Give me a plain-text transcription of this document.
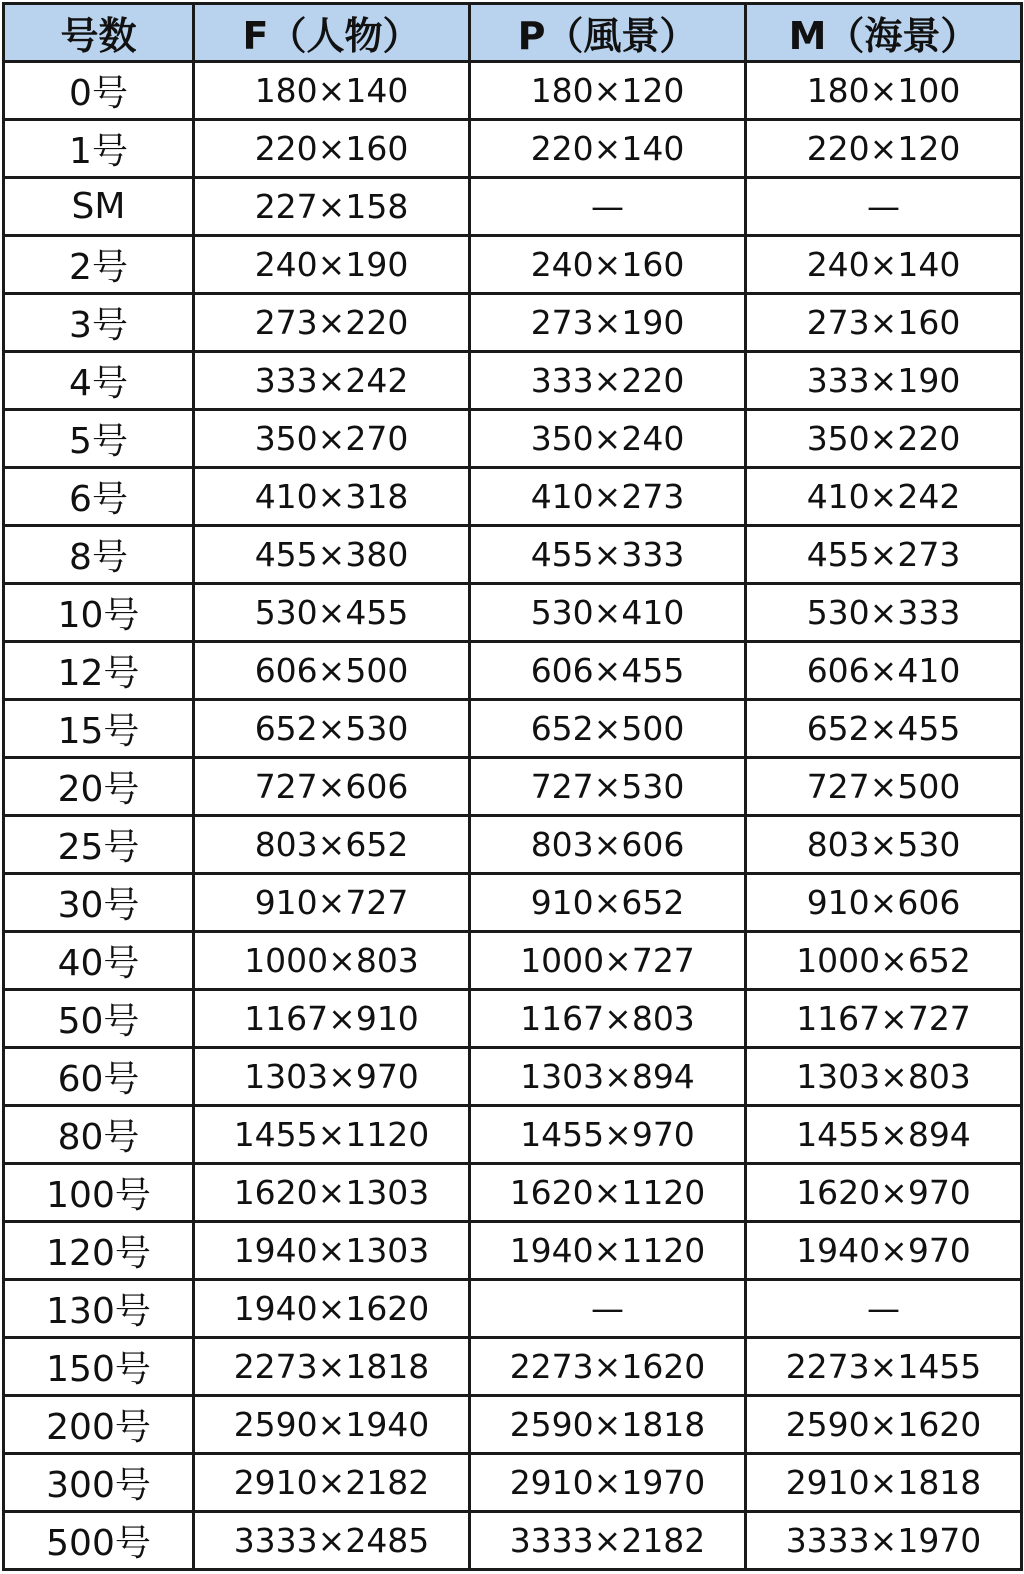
号数	F（人物）	P（風景）	M（海景）
0号	180×140	180×120	180×100
1号	220×160	220×140	220×120
SM	227×158	—	—
2号	240×190	240×160	240×140
3号	273×220	273×190	273×160
4号	333×242	333×220	333×190
5号	350×270	350×240	350×220
6号	410×318	410×273	410×242
8号	455×380	455×333	455×273
10号	530×455	530×410	530×333
12号	606×500	606×455	606×410
15号	652×530	652×500	652×455
20号	727×606	727×530	727×500
25号	803×652	803×606	803×530
30号	910×727	910×652	910×606
40号	1000×803	1000×727	1000×652
50号	1167×910	1167×803	1167×727
60号	1303×970	1303×894	1303×803
80号	1455×1120	1455×970	1455×894
100号	1620×1303	1620×1120	1620×970
120号	1940×1303	1940×1120	1940×970
130号	1940×1620	—	—
150号	2273×1818	2273×1620	2273×1455
200号	2590×1940	2590×1818	2590×1620
300号	2910×2182	2910×1970	2910×1818
500号	3333×2485	3333×2182	3333×1970
